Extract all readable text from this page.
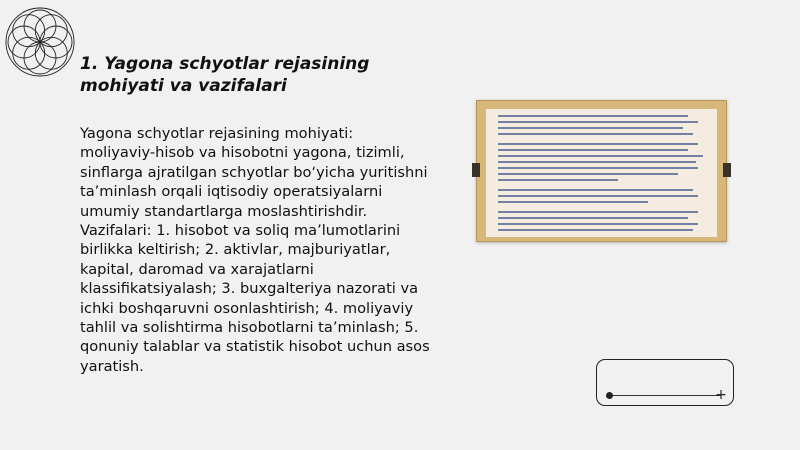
1. Yagona schyotlar rejasining mohiyati va vazifalari

Yagona schyotlar rejasining mohiyati: moliyaviy-hisob va hisobotni yagona, tizimli, sinflarga ajratilgan schyotlar bo‘yicha yuritishni ta’minlash orqali iqtisodiy operatsiyalarni umumiy standartlarga moslashtirishdir. Vazifalari: 1. hisobot va soliq ma’lumotlarini birlikka keltirish; 2. aktivlar, majburiyatlar, kapital, daromad va xarajatlarni klassifikatsiyalash; 3. buxgalteriya nazorati va ichki boshqaruvni osonlashtirish; 4. moliyaviy tahlil va solishtirma hisobotlarni ta’minlash; 5. qonuniy talablar va statistik hisobot uchun asos yaratish.

+
